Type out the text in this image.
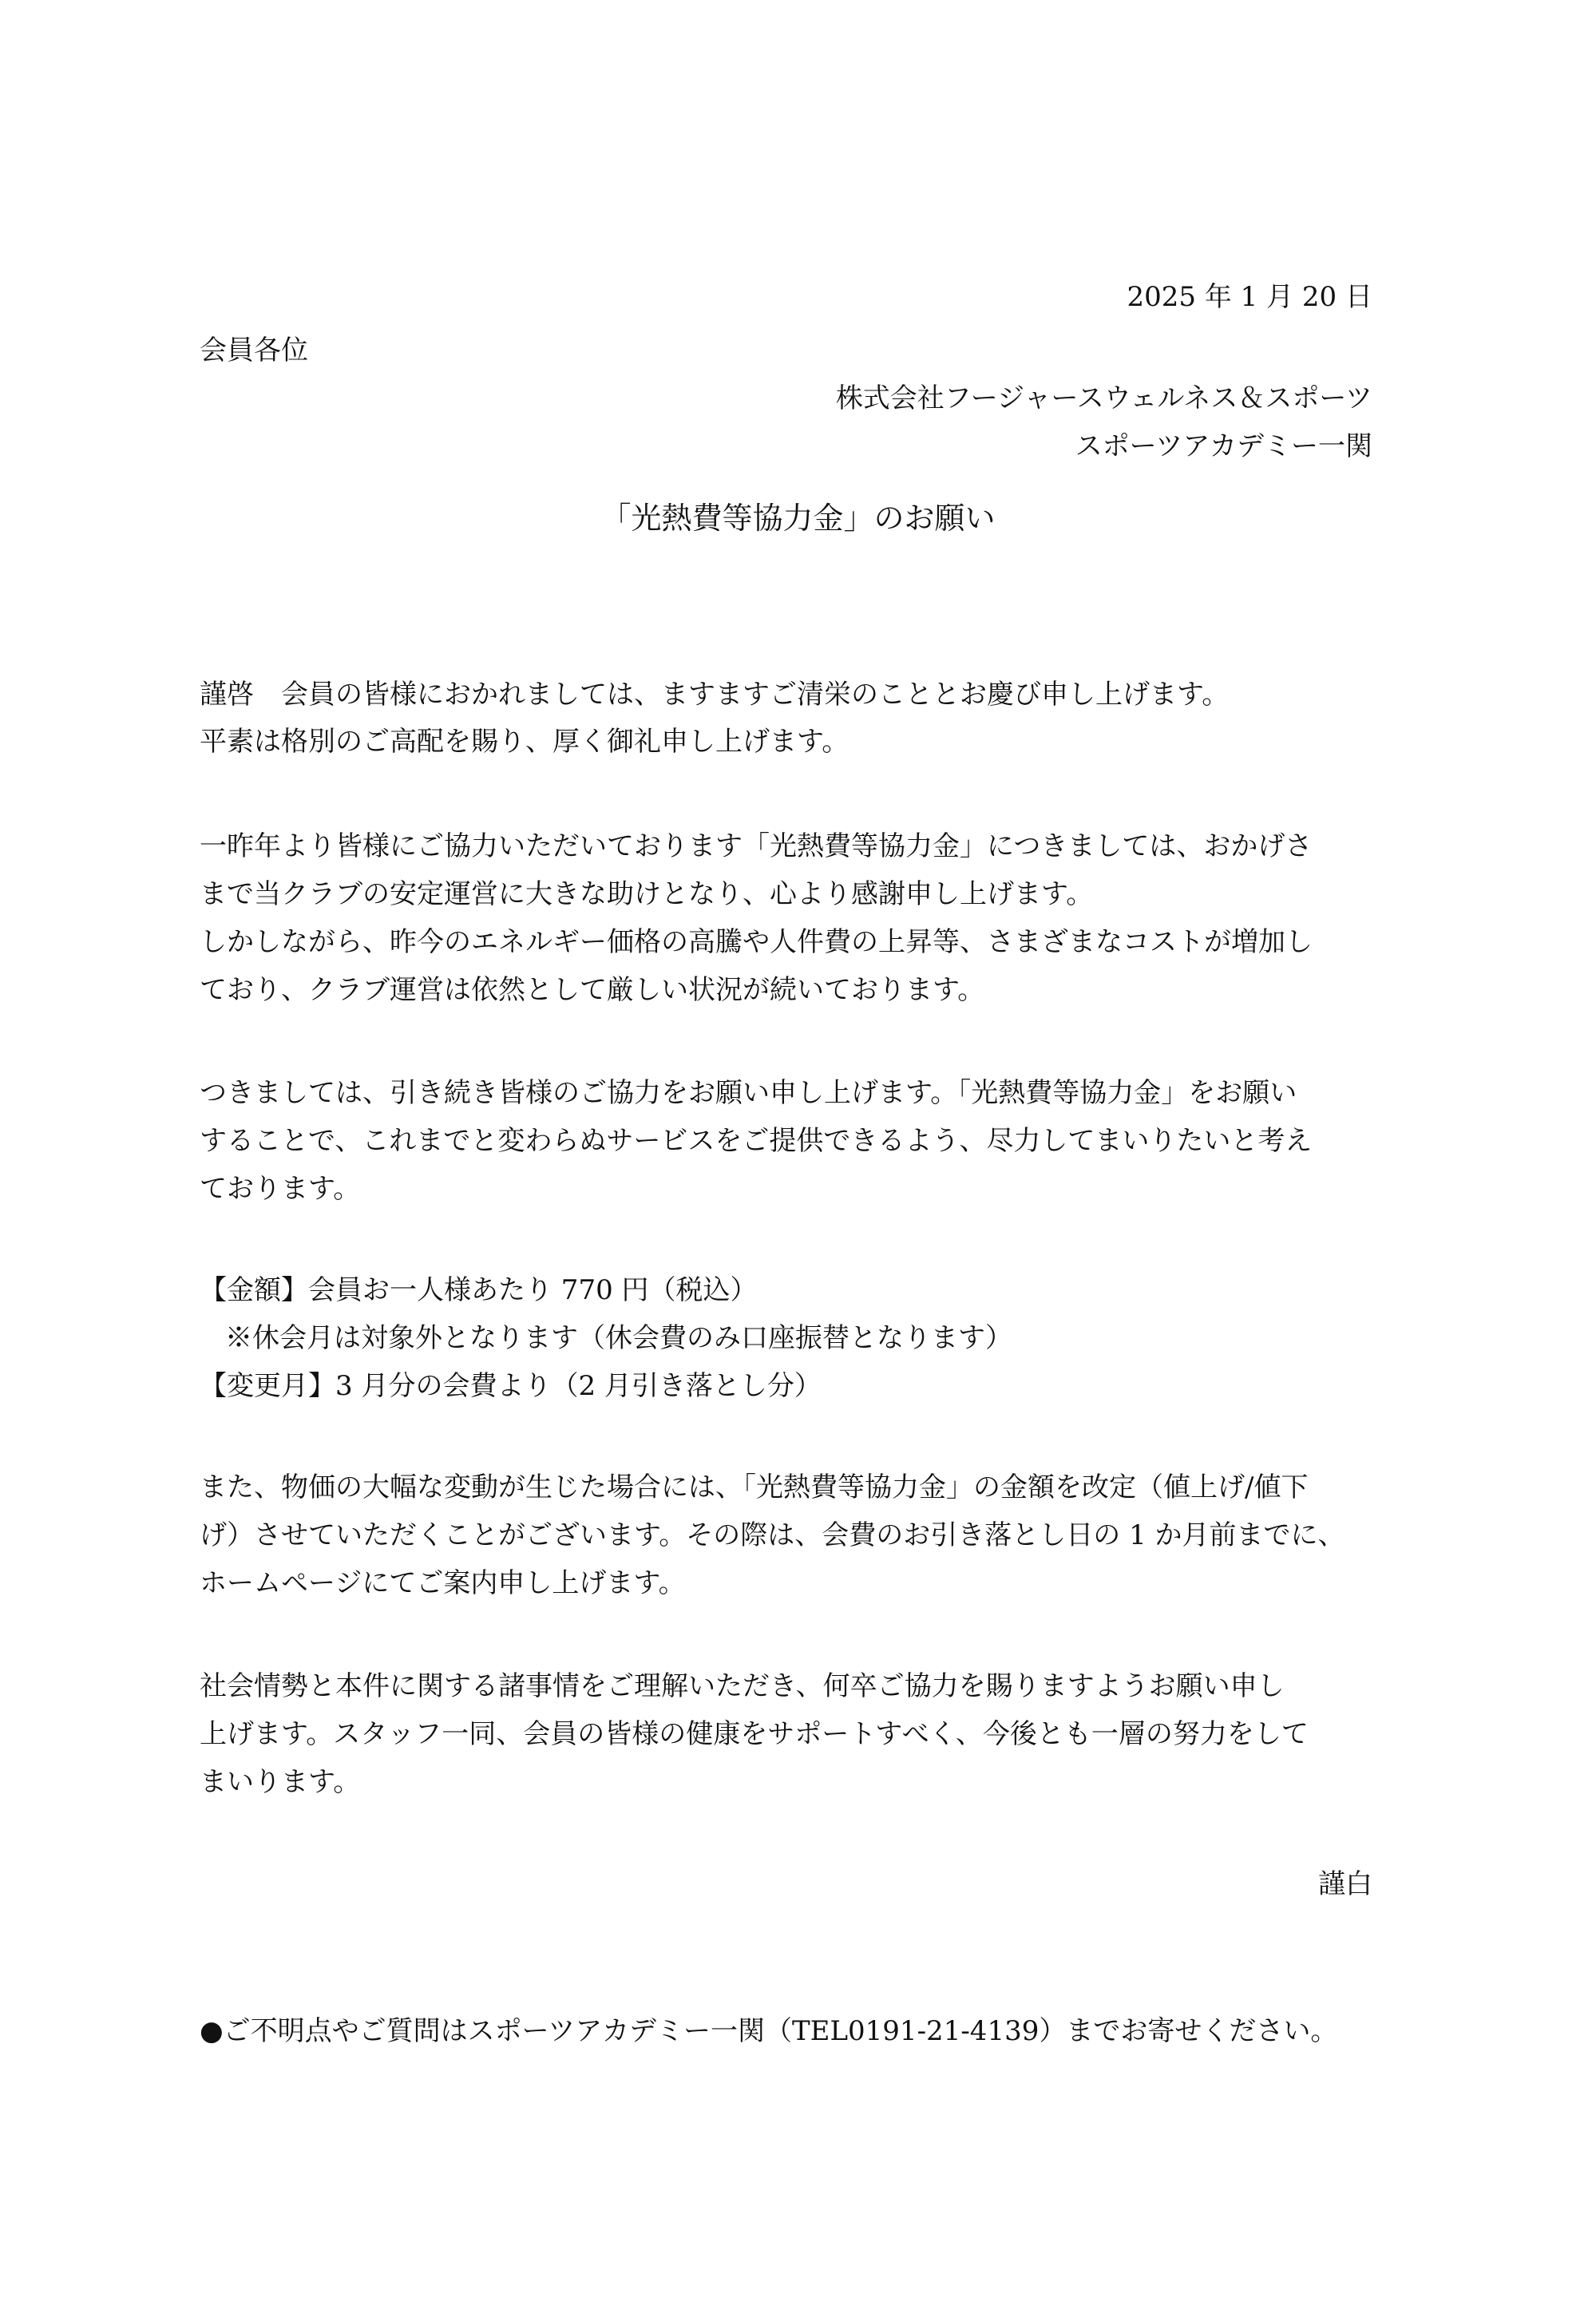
2025 年 1 月 20 日
会員各位
株式会社フージャースウェルネス＆スポーツ
スポーツアカデミー一関
「光熱費等協力金」のお願い
謹啓　会員の皆様におかれましては、ますますご清栄のこととお慶び申し上げます。
平素は格別のご高配を賜り、厚く御礼申し上げます。
一昨年より皆様にご協力いただいております「光熱費等協力金」につきましては、おかげさ
まで当クラブの安定運営に大きな助けとなり、心より感謝申し上げます。
しかしながら、昨今のエネルギー価格の高騰や人件費の上昇等、さまざまなコストが増加し
ており、クラブ運営は依然として厳しい状況が続いております。
つきましては、引き続き皆様のご協力をお願い申し上げます。「光熱費等協力金」をお願い
することで、これまでと変わらぬサービスをご提供できるよう、尽力してまいりたいと考え
ております。
【金額】会員お一人様あたり 770 円（税込）
※休会月は対象外となります（休会費のみ口座振替となります）
【変更月】3 月分の会費より（2 月引き落とし分）
また、物価の大幅な変動が生じた場合には、「光熱費等協力金」の金額を改定（値上げ/値下
げ）させていただくことがございます。その際は、会費のお引き落とし日の 1 か月前までに、
ホームページにてご案内申し上げます。
社会情勢と本件に関する諸事情をご理解いただき、何卒ご協力を賜りますようお願い申し
上げます。スタッフ一同、会員の皆様の健康をサポートすべく、今後とも一層の努力をして
まいります。
謹白
●ご不明点やご質問はスポーツアカデミー一関（TEL0191-21-4139）までお寄せください。
